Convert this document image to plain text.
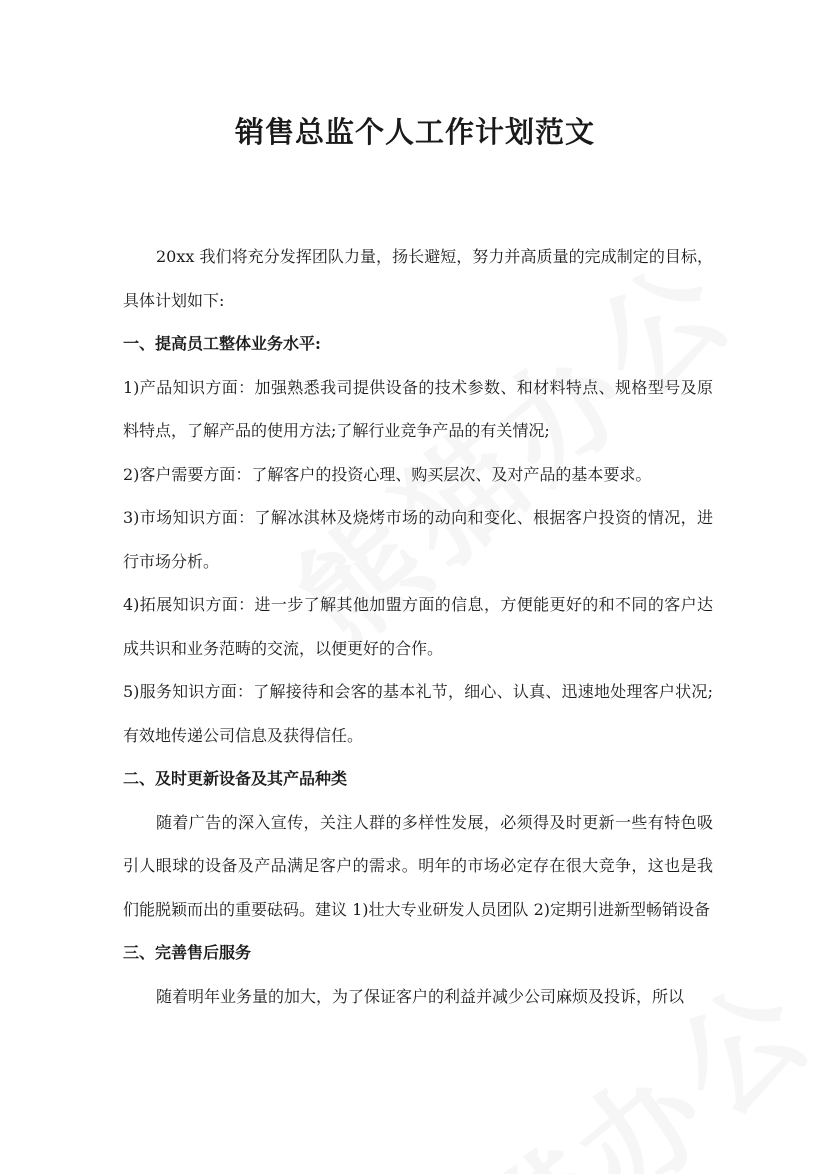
销售总监个人工作计划范文

20xx 我们将充分发挥团队力量，扬长避短，努力并高质量的完成制定的目标，具体计划如下:

一、提高员工整体业务水平:

1)产品知识方面：加强熟悉我司提供设备的技术参数、和材料特点、规格型号及原料特点，了解产品的使用方法;了解行业竞争产品的有关情况;

2)客户需要方面：了解客户的投资心理、购买层次、及对产品的基本要求。

3)市场知识方面：了解冰淇林及烧烤市场的动向和变化、根据客户投资的情况，进行市场分析。

4)拓展知识方面：进一步了解其他加盟方面的信息，方便能更好的和不同的客户达成共识和业务范畴的交流，以便更好的合作。

5)服务知识方面：了解接待和会客的基本礼节，细心、认真、迅速地处理客户状况;有效地传递公司信息及获得信任。

二、及时更新设备及其产品种类

随着广告的深入宣传，关注人群的多样性发展，必须得及时更新一些有特色吸引人眼球的设备及产品满足客户的需求。明年的市场必定存在很大竞争，这也是我们能脱颖而出的重要砝码。建议 1)壮大专业研发人员团队 2)定期引进新型畅销设备

三、完善售后服务

随着明年业务量的加大，为了保证客户的利益并减少公司麻烦及投诉，所以
